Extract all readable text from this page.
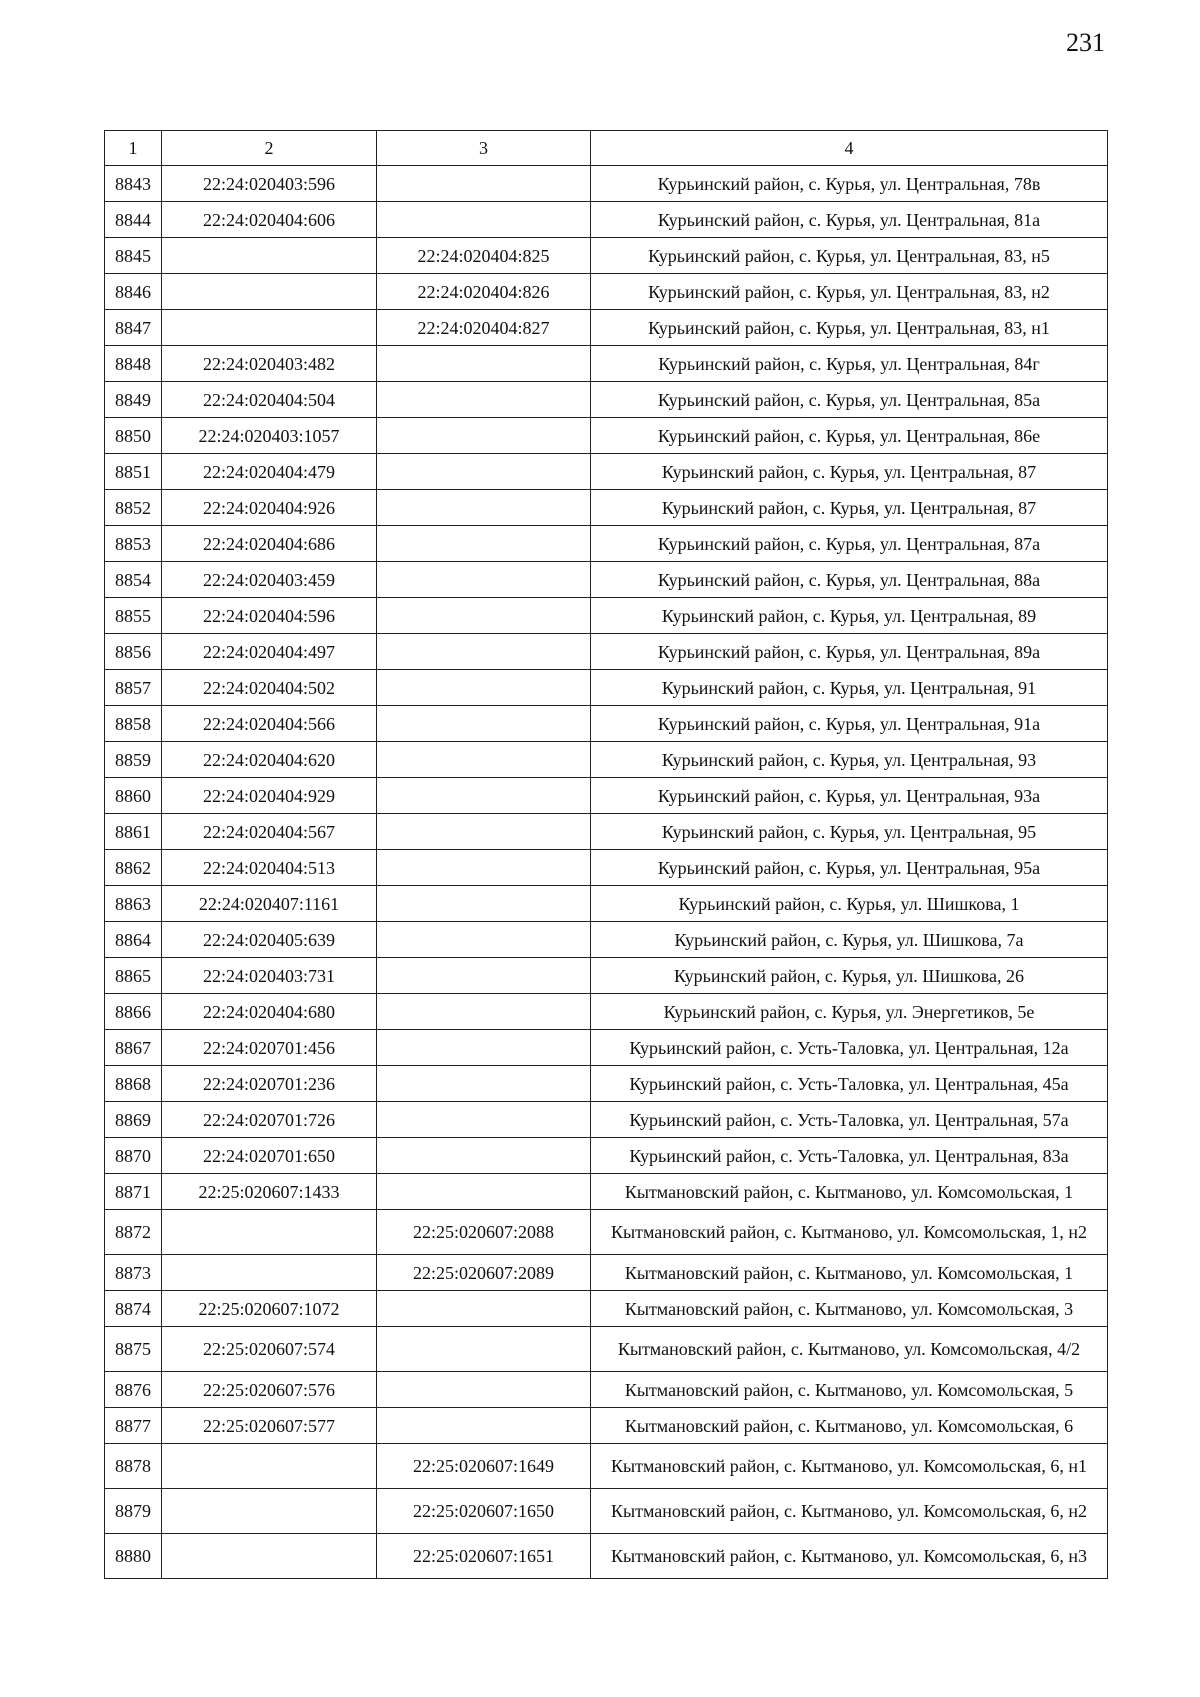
231
1	2	3	4
8843	22:24:020403:596		Курьинский район, с. Курья, ул. Центральная, 78в
8844	22:24:020404:606		Курьинский район, с. Курья, ул. Центральная, 81а
8845		22:24:020404:825	Курьинский район, с. Курья, ул. Центральная, 83, н5
8846		22:24:020404:826	Курьинский район, с. Курья, ул. Центральная, 83, н2
8847		22:24:020404:827	Курьинский район, с. Курья, ул. Центральная, 83, н1
8848	22:24:020403:482		Курьинский район, с. Курья, ул. Центральная, 84г
8849	22:24:020404:504		Курьинский район, с. Курья, ул. Центральная, 85а
8850	22:24:020403:1057		Курьинский район, с. Курья, ул. Центральная, 86е
8851	22:24:020404:479		Курьинский район, с. Курья, ул. Центральная, 87
8852	22:24:020404:926		Курьинский район, с. Курья, ул. Центральная, 87
8853	22:24:020404:686		Курьинский район, с. Курья, ул. Центральная, 87а
8854	22:24:020403:459		Курьинский район, с. Курья, ул. Центральная, 88а
8855	22:24:020404:596		Курьинский район, с. Курья, ул. Центральная, 89
8856	22:24:020404:497		Курьинский район, с. Курья, ул. Центральная, 89а
8857	22:24:020404:502		Курьинский район, с. Курья, ул. Центральная, 91
8858	22:24:020404:566		Курьинский район, с. Курья, ул. Центральная, 91а
8859	22:24:020404:620		Курьинский район, с. Курья, ул. Центральная, 93
8860	22:24:020404:929		Курьинский район, с. Курья, ул. Центральная, 93а
8861	22:24:020404:567		Курьинский район, с. Курья, ул. Центральная, 95
8862	22:24:020404:513		Курьинский район, с. Курья, ул. Центральная, 95а
8863	22:24:020407:1161		Курьинский район, с. Курья, ул. Шишкова, 1
8864	22:24:020405:639		Курьинский район, с. Курья, ул. Шишкова, 7а
8865	22:24:020403:731		Курьинский район, с. Курья, ул. Шишкова, 26
8866	22:24:020404:680		Курьинский район, с. Курья, ул. Энергетиков, 5е
8867	22:24:020701:456		Курьинский район, с. Усть-Таловка, ул. Центральная, 12а
8868	22:24:020701:236		Курьинский район, с. Усть-Таловка, ул. Центральная, 45а
8869	22:24:020701:726		Курьинский район, с. Усть-Таловка, ул. Центральная, 57а
8870	22:24:020701:650		Курьинский район, с. Усть-Таловка, ул. Центральная, 83а
8871	22:25:020607:1433		Кытмановский район, с. Кытманово, ул. Комсомольская, 1
8872		22:25:020607:2088	Кытмановский район, с. Кытманово, ул. Комсомольская, 1, н2
8873		22:25:020607:2089	Кытмановский район, с. Кытманово, ул. Комсомольская, 1
8874	22:25:020607:1072		Кытмановский район, с. Кытманово, ул. Комсомольская, 3
8875	22:25:020607:574		Кытмановский район, с. Кытманово, ул. Комсомольская, 4/2
8876	22:25:020607:576		Кытмановский район, с. Кытманово, ул. Комсомольская, 5
8877	22:25:020607:577		Кытмановский район, с. Кытманово, ул. Комсомольская, 6
8878		22:25:020607:1649	Кытмановский район, с. Кытманово, ул. Комсомольская, 6, н1
8879		22:25:020607:1650	Кытмановский район, с. Кытманово, ул. Комсомольская, 6, н2
8880		22:25:020607:1651	Кытмановский район, с. Кытманово, ул. Комсомольская, 6, н3
